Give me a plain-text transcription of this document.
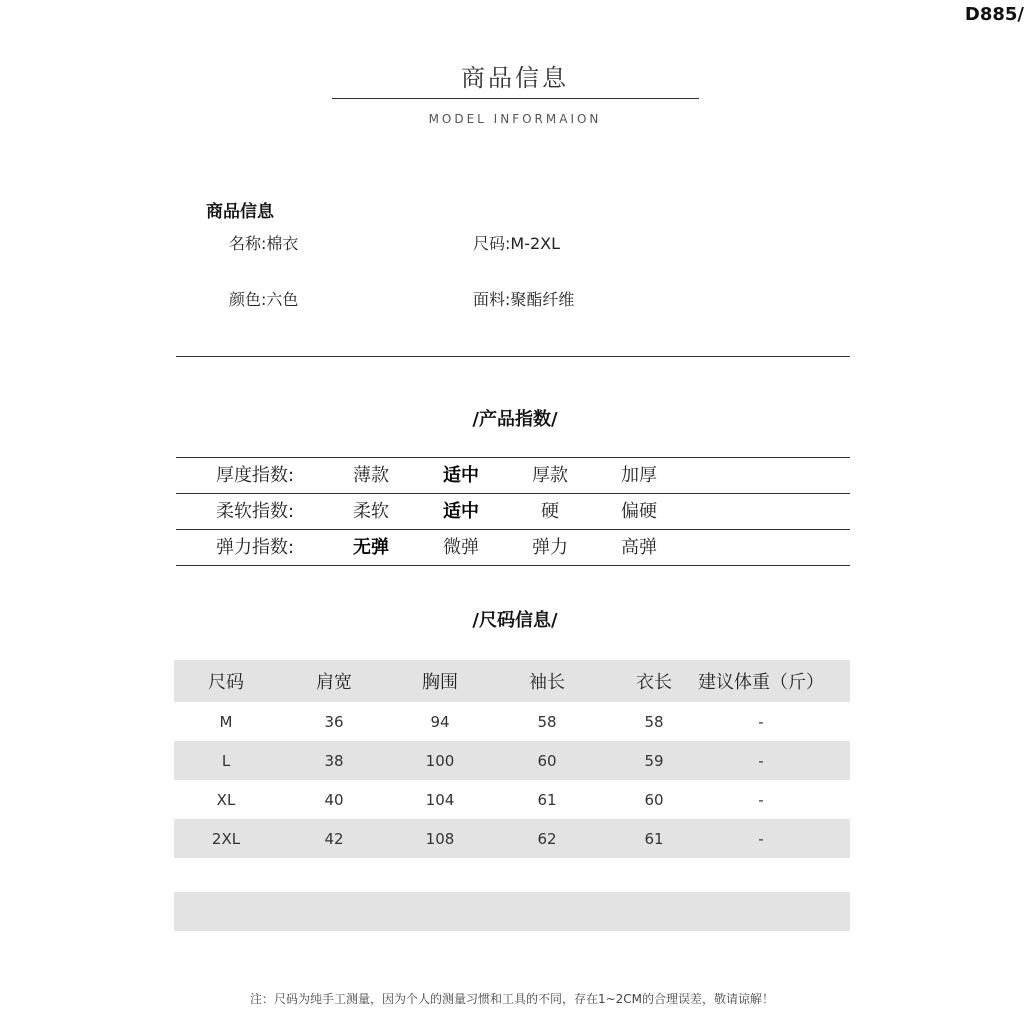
D885/
商品信息
MODEL INFORMAION
商品信息
名称:棉衣	尺码:M-2XL
颜色:六色	面料:聚酯纤维
/产品指数/
厚度指数:	薄款	适中	厚款	加厚
柔软指数:	柔软	适中	硬	偏硬
弹力指数:	无弹	微弹	弹力	高弹
/尺码信息/
尺码	肩宽	胸围	袖长	衣长	建议体重（斤）
M	36	94	58	58	-
L	38	100	60	59	-
XL	40	104	61	60	-
2XL	42	108	62	61	-
注：尺码为纯手工测量，因为个人的测量习惯和工具的不同，存在1~2CM的合理误差，敬请谅解！
